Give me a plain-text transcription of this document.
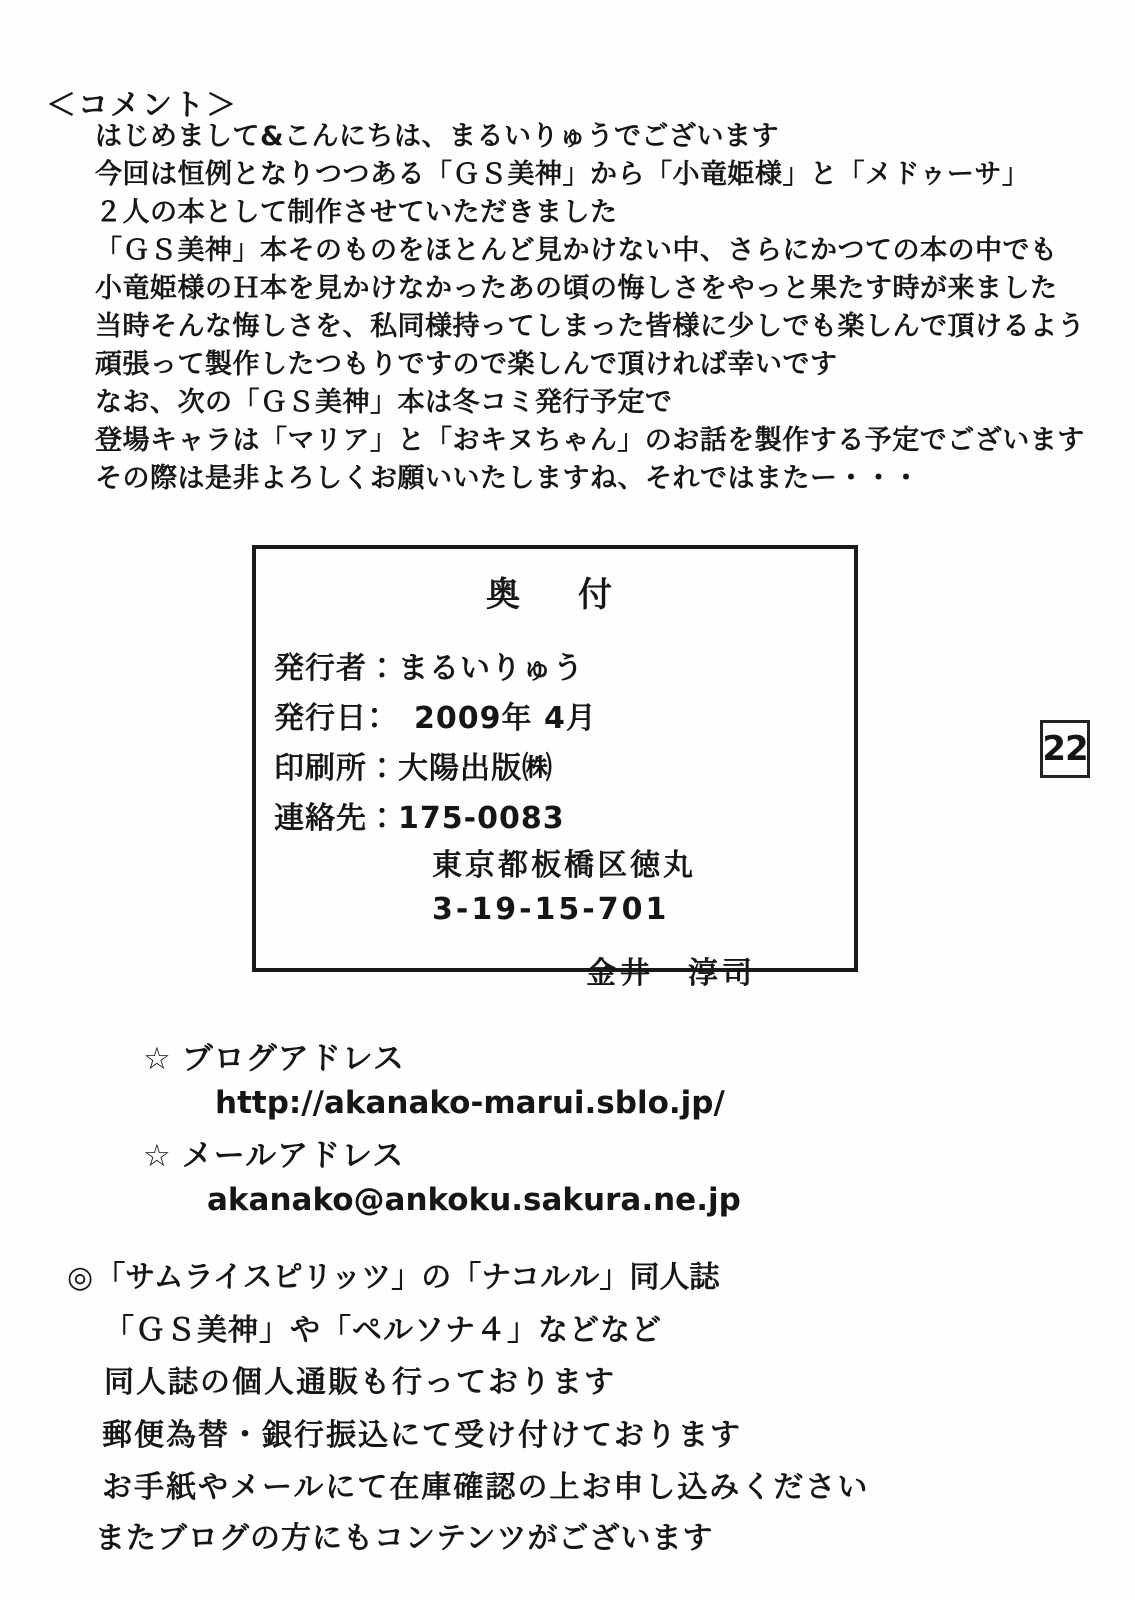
＜コメント＞
はじめまして&こんにちは、まるいりゅうでございます
今回は恒例となりつつある「ＧＳ美神」から「小竜姫様」と「メドゥーサ」
２人の本として制作させていただきました
「ＧＳ美神」本そのものをほとんど見かけない中、さらにかつての本の中でも
小竜姫様のＨ本を見かけなかったあの頃の悔しさをやっと果たす時が来ました
当時そんな悔しさを、私同様持ってしまった皆様に少しでも楽しんで頂けるよう
頑張って製作したつもりですので楽しんで頂ければ幸いです
なお、次の「ＧＳ美神」本は冬コミ発行予定で
登場キャラは「マリア」と「おキヌちゃん」のお話を製作する予定でございます
その際は是非よろしくお願いいたしますね、それではまたー・・・
奥　付
発行者：まるいりゅう
発行日：　2009年 4月
印刷所：大陽出版㈱
連絡先：175-0083
東京都板橋区徳丸
3-19-15-701
金井　淳司
22
☆ ブログアドレス
http://akanako-marui.sblo.jp/
☆ メールアドレス
akanako@ankoku.sakura.ne.jp
◎「サムライスピリッツ」の「ナコルル」同人誌
「ＧＳ美神」や「ペルソナ４」などなど
同人誌の個人通販も行っております
郵便為替・銀行振込にて受け付けております
お手紙やメールにて在庫確認の上お申し込みください
またブログの方にもコンテンツがございます
